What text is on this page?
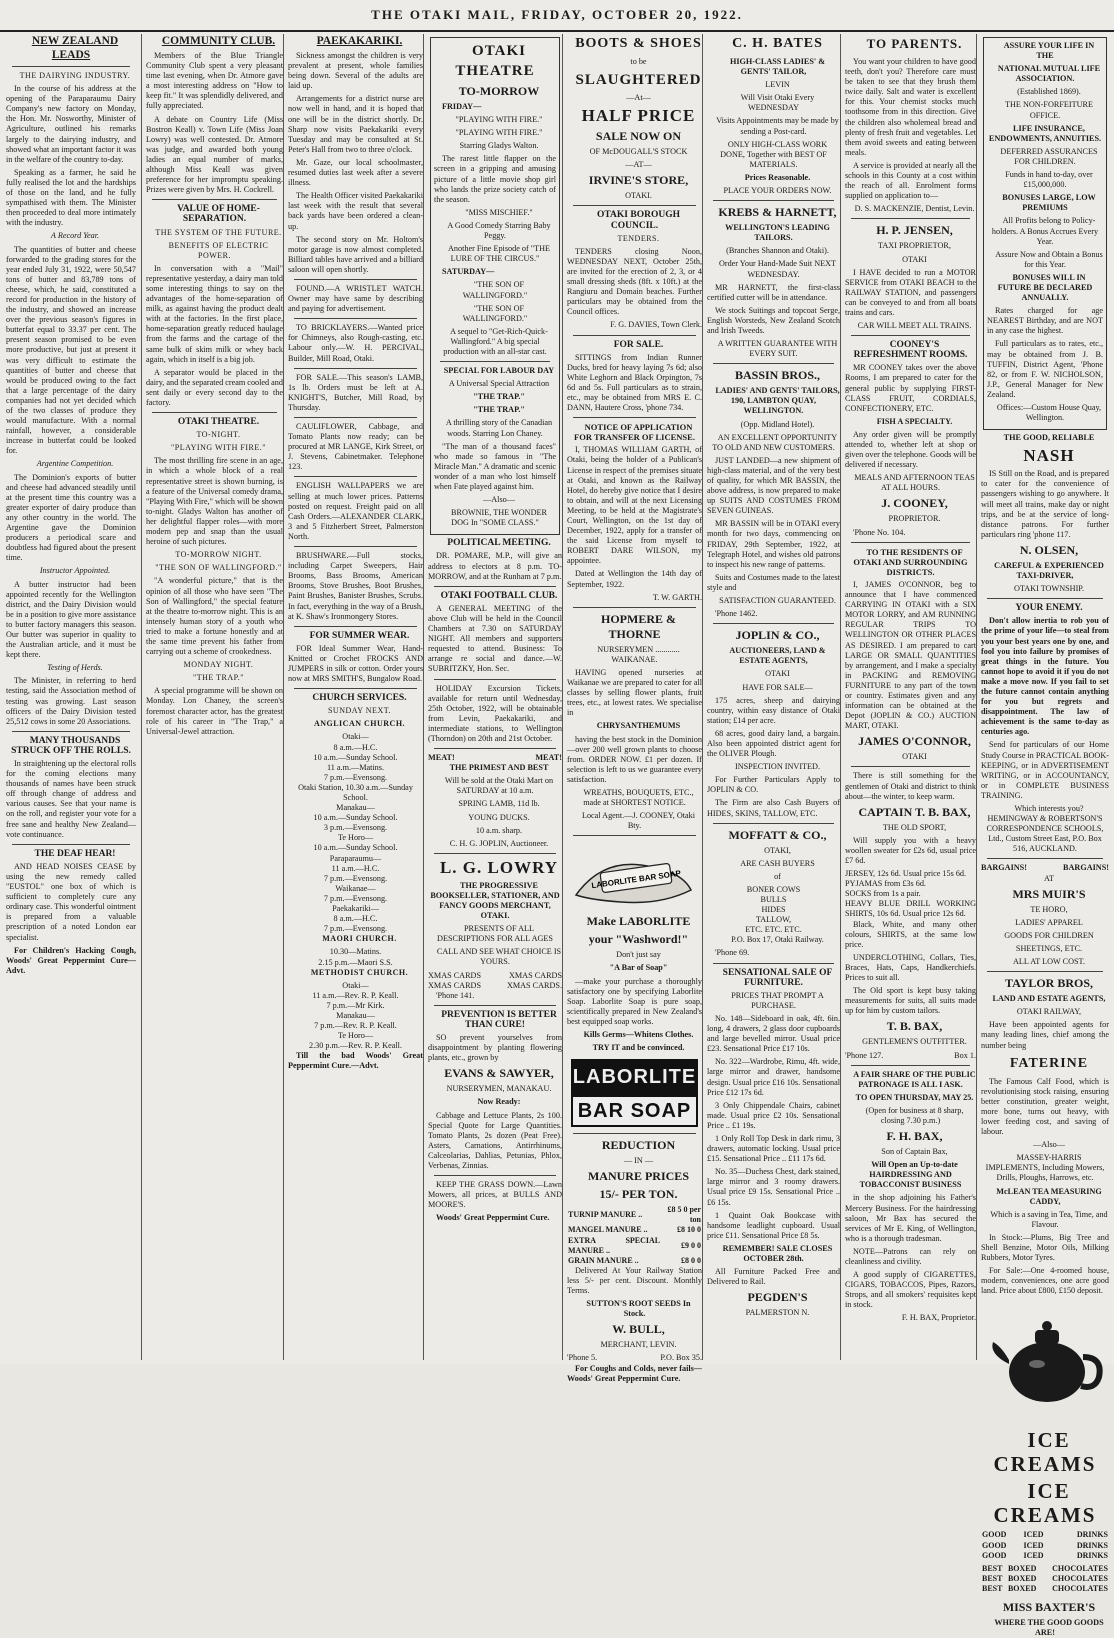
THE OTAKI MAIL, FRIDAY, OCTOBER 20, 1922.

NEW ZEALAND LEADS

THE DAIRYING INDUSTRY.

In the course of his address at the opening of the Paraparaumu Dairy Company's new factory on Monday, the Hon. Mr. Nosworthy, Minister of Agriculture, outlined his remarks largely to the dairying industry, and showed what an important factor it was in the welfare of the country to-day.

Speaking as a farmer, he said he fully realised the lot and the hardships of those on the land, and he fully sympathised with them. The Minister then proceeded to deal more intimately with the industry.

A Record Year.

The quantities of butter and cheese forwarded to the grading stores for the year ended July 31, 1922, were 50,547 tons of butter and 83,789 tons of cheese, which, he said, constituted a record for production in the history of the industry, and showed an increase over the previous season's figures in butterfat equal to 33.37 per cent. The present season promised to be even more productive, but just at present it was very difficult to estimate the quantities of butter and cheese that would be produced owing to the fact that a large percentage of the dairy companies had not yet decided which of the two classes of produce they would manufacture. With a normal rainfall, however, a considerable increase in butterfat could be looked for.

Argentine Competition.

The Dominion's exports of butter and cheese had advanced steadily until at the present time this country was a greater exporter of dairy produce than any other country in the world. The Argentine gave the Dominion producers a periodical scare and doubtless had figured about the present time.

Instructor Appointed.

A butter instructor had been appointed recently for the Wellington district, and the Dairy Division would be in a position to give more assistance to butter factory managers this season. Our butter was superior in quality to the Australian article, and it must be kept there.

Testing of Herds.

The Minister, in referring to herd testing, said the Association method of testing was growing. Last season officers of the Dairy Division tested 25,512 cows in some 20 Associations.

MANY THOUSANDS STRUCK OFF THE ROLLS.

In straightening up the electoral rolls for the coming elections many thousands of names have been struck off through change of address and various causes. See that your name is on the roll, and register your vote for a free sane and healthy New Zealand—vote continuance.

THE DEAF HEAR!

AND HEAD NOISES CEASE by using the new remedy called "EUSTOL" one box of which is sufficient to completely cure any ordinary case. This wonderful ointment is prepared from a valuable prescription of a noted London ear specialist.

For Children's Hacking Cough, Woods' Great Peppermint Cure—Advt.

COMMUNITY CLUB.

Members of the Blue Triangle Community Club spent a very pleasant time last evening, when Dr. Atmore gave a most interesting address on "How to keep fit." It was splendidly delivered, and fully appreciated.

A debate on Country Life (Miss Bostron Keall) v. Town Life (Miss Joan Lowry) was well contested. Dr. Atmore was judge, and awarded both young ladies an equal number of marks, although Miss Keall was given preference for her impromptu speaking. Prizes were given by Mrs. H. Cockrell.

VALUE OF HOME-SEPARATION.

THE SYSTEM OF THE FUTURE.

BENEFITS OF ELECTRIC POWER.

In conversation with a "Mail" representative yesterday, a dairy man told some interesting things to say on the advantages of the home-separation of milk, as against having the product dealt with at the factories. In the first place, home-separation greatly reduced haulage from the farms and the cartage of the same bulk of skim milk or whey back again, which in itself is a big job.

A separator would be placed in the dairy, and the separated cream cooled and sent daily or every second day to the factory.

OTAKI THEATRE.

TO-NIGHT.

"PLAYING WITH FIRE."

The most thrilling fire scene in an age, in which a whole block of a real representative street is shown burning, is a feature of the Universal comedy drama, "Playing With Fire," which will be shown to-night. Gladys Walton has another of her delightful flapper roles—with more modern pep and snap than the usual heroine of such pictures.

TO-MORROW NIGHT.

"THE SON OF WALLINGFORD."

"A wonderful picture," that is the opinion of all those who have seen "The Son of Wallingford," the special feature at the theatre to-morrow night. This is an intensely human story of a youth who tried to make a fortune honestly and at the same time prevent his father from carrying out a scheme of crookedness.

MONDAY NIGHT.

"THE TRAP."

A special programme will be shown on Monday. Lon Chaney, the screen's foremost character actor, has the greatest role of his career in "The Trap," a Universal-Jewel attraction.

PAEKAKARIKI.

Sickness amongst the children is very prevalent at present, whole families being down. Several of the adults are laid up.

Arrangements for a district nurse are now well in hand, and it is hoped that one will be in the district shortly. Dr. Sharp now visits Paekakariki every Tuesday and may be consulted at St. Peter's Hall from two to three o'clock.

Mr. Gaze, our local schoolmaster, resumed duties last week after a severe illness.

The Health Officer visited Paekakariki last week with the result that several back yards have been ordered a clean-up.

The second story on Mr. Holtom's motor garage is now almost completed. Billiard tables have arrived and a billiard saloon will open shortly.

FOUND.—A WRISTLET WATCH. Owner may have same by describing and paying for advertisement.

TO BRICKLAYERS.—Wanted price for Chimneys, also Rough-casting, etc. Labour only.—W. H. PERCIVAL, Builder, Mill Road, Otaki.

FOR SALE.—This season's LAMB, 1s lb. Orders must be left at A. KNIGHT'S, Butcher, Mill Road, by Thursday.

CAULIFLOWER, Cabbage, and Tomato Plants now ready; can be procured at MR LANGE, Kirk Street, or J. Stevens, Cabinetmaker. Telephone 123.

ENGLISH WALLPAPERS we are selling at much lower prices. Patterns posted on request. Freight paid on all Cash Orders.—ALEXANDER CLARK, 3 and 5 Fitzherbert Street, Palmerston North.

BRUSHWARE.—Full stocks, including Carpet Sweepers, Hair Brooms, Bass Brooms, American Brooms, Stove Brushes, Boot Brushes, Paint Brushes, Banister Brushes, Scrubs. In fact, everything in the way of a Brush, at K. Shaw's Ironmongery Stores.

FOR SUMMER WEAR.

FOR Ideal Summer Wear, Hand-Knitted or Crochet FROCKS AND JUMPERS in silk or cotton. Order yours now at MRS SMITH'S, Bungalow Road.

CHURCH SERVICES.

SUNDAY NEXT.

ANGLICAN CHURCH.

Otaki—
8 a.m.—H.C.
10 a.m.—Sunday School.
11 a.m.—Matins.
7 p.m.—Evensong.
Otaki Station, 10.30 a.m.—Sunday School.
Manakau—
10 a.m.—Sunday School.
3 p.m.—Evensong.
Te Horo—
10 a.m.—Sunday School.
Paraparaumu—
11 a.m.—H.C.
7 p.m.—Evensong.
Waikanae—
7 p.m.—Evensong.
Paekakariki—
8 a.m.—H.C.
7 p.m.—Evensong.

MAORI CHURCH.

10.30—Matins.
2.15 p.m.—Maori S.S.

METHODIST CHURCH.

Otaki—
11 a.m.—Rev. R. P. Keall.
7 p.m.—Mr Kirk.
Manakau—
7 p.m.—Rev. R. P. Keall.
Te Horo—
2.30 p.m.—Rev. R. P. Keall.

Till the bad Woods' Great Peppermint Cure.—Advt.

OTAKI THEATRE

TO-MORROW

FRIDAY—

"PLAYING WITH FIRE."

"PLAYING WITH FIRE."

Starring Gladys Walton.

The rarest little flapper on the screen in a gripping and amusing picture of a little movie shop girl who lands the prize society catch of the season.

"MISS MISCHIEF."

A Good Comedy Starring Baby Peggy.

Another Fine Episode of "THE LURE OF THE CIRCUS."

SATURDAY—

"THE SON OF WALLINGFORD."

"THE SON OF WALLINGFORD."

A sequel to "Get-Rich-Quick-Wallingford." A big special production with an all-star cast.

SPECIAL FOR LABOUR DAY

A Universal Special Attraction

"THE TRAP."

"THE TRAP."

A thrilling story of the Canadian woods. Starring Lon Chaney.

"The man of a thousand faces" who made so famous in "The Miracle Man." A dramatic and scenic wonder of a man who lost himself when Fate played against him.

—Also—

BROWNIE, THE WONDER DOG In "SOME CLASS."

POLITICAL MEETING.

DR. POMARE, M.P., will give an address to electors at 8 p.m. TO-MORROW, and at the Runham at 7 p.m.

OTAKI FOOTBALL CLUB.

A GENERAL MEETING of the above Club will be held in the Council Chambers at 7.30 on SATURDAY NIGHT. All members and supporters requested to attend. Business: To arrange re social and dance.—W. SUBRITZKY, Hon. Sec.

HOLIDAY Excursion Tickets, available for return until Wednesday, 25th October, 1922, will be obtainable from Levin, Paekakariki, and intermediate stations, to Wellington (Thorndon) on 20th and 21st October.

MEAT!	MEAT!

THE PRIMEST AND BEST

Will be sold at the Otaki Mart on SATURDAY at 10 a.m.

SPRING LAMB, 11d lb.

YOUNG DUCKS.

10 a.m. sharp.

C. H. G. JOPLIN, Auctioneer.

L. G. LOWRY

THE PROGRESSIVE BOOKSELLER, STATIONER, AND FANCY GOODS MERCHANT, OTAKI.

PRESENTS OF ALL DESCRIPTIONS FOR ALL AGES

CALL AND SEE WHAT CHOICE IS YOURS.

XMAS CARDS	XMAS CARDS
XMAS CARDS	XMAS CARDS.

'Phone 141.

PREVENTION IS BETTER THAN CURE!

SO prevent yourselves from disappointment by planting flowering plants, etc., grown by

EVANS & SAWYER,

NURSERYMEN, MANAKAU.

Now Ready:

Cabbage and Lettuce Plants, 2s 100. Special Quote for Large Quantities. Tomato Plants, 2s dozen (Peat Free). Asters, Carnations, Antirrhinums, Calceolarias, Dahlias, Petunias, Phlox, Verbenas, Zinnias.

KEEP THE GRASS DOWN.—Lawn Mowers, all prices, at BULLS AND MOORE'S.

Woods' Great Peppermint Cure.

BOOTS & SHOES

to be

SLAUGHTERED

—At—

HALF PRICE

SALE NOW ON

OF McDOUGALL'S STOCK

—AT—

IRVINE'S STORE,

OTAKI.

OTAKI BOROUGH COUNCIL.

TENDERS.

TENDERS closing Noon, WEDNESDAY NEXT, October 25th, are invited for the erection of 2, 3, or 4 small dressing sheds (8ft. x 10ft.) at the Rangiuru and Domain beaches. Further particulars may be obtained from the Council offices.

F. G. DAVIES, Town Clerk.

FOR SALE.

SITTINGS from Indian Runner Ducks, bred for heavy laying 7s 6d; also White Leghorn and Black Orpington, 7s 6d and 5s. Full particulars as to strain, etc., may be obtained from MRS E. C. DANN, Hautere Cross, 'phone 734.

NOTICE OF APPLICATION FOR TRANSFER OF LICENSE.

I, THOMAS WILLIAM GARTH, of Otaki, being the holder of a Publican's License in respect of the premises situate at Otaki, and known as the Railway Hotel, do hereby give notice that I desire to obtain, and will at the next Licensing Meeting, to be held at the Magistrate's Court, Wellington, on the 1st day of December, 1922, apply for a transfer of the said License from myself to ROBERT DARE WILSON, my appointee.

Dated at Wellington the 14th day of September, 1922.

T. W. GARTH.

HOPMERE & THORNE

NURSERYMEN ............ WAIKANAE.

HAVING opened nurseries at Waikanae we are prepared to cater for all classes by selling flower plants, fruit trees, etc., at lowest rates. We specialise in

CHRYSANTHEMUMS

having the best stock in the Dominion—over 200 well grown plants to choose from. ORDER NOW. £1 per dozen. If selection is left to us we guarantee every satisfaction.

WREATHS, BOUQUETS, ETC., made at SHORTEST NOTICE.

Local Agent.—J. COONEY, Otaki Bty.

LABORLITE BAR SOAP

Make LABORLITE

your "Washword!"

Don't just say

"A Bar of Soap"

—make your purchase a thoroughly satisfactory one by specifying Laborlite Soap. Laborlite Soap is pure soap, scientifically prepared in New Zealand's best equipped soap works.

Kills Germs—Whitens Clothes.

TRY IT and be convinced.

LABORLITE
BAR SOAP

REDUCTION

— IN —

MANURE PRICES

15/- PER TON.

TURNIP MANURE ..	£8 5 0 per ton
MANGEL MANURE ..	£8 10 0
EXTRA SPECIAL MANURE ..	£9 0 0
GRAIN MANURE ..	£8 0 0

Delivered At Your Railway Station less 5/- per cent. Discount. Monthly Terms.

SUTTON'S ROOT SEEDS In Stock.

W. BULL,

MERCHANT, LEVIN.

'Phone 5.	P.O. Box 35.

For Coughs and Colds, never fails—Woods' Great Peppermint Cure.

C. H. BATES

HIGH-CLASS LADIES' & GENTS' TAILOR,

LEVIN

Will Visit Otaki Every WEDNESDAY

Visits Appointments may be made by sending a Post-card.

ONLY HIGH-CLASS WORK DONE, Together with BEST OF MATERIALS.

Prices Reasonable.

PLACE YOUR ORDERS NOW.

KREBS & HARNETT,

WELLINGTON'S LEADING TAILORS.

(Branches Shannon and Otaki).

Order Your Hand-Made Suit NEXT WEDNESDAY.

MR HARNETT, the first-class certified cutter will be in attendance.

We stock Suitings and topcoat Serge, English Worsteds, New Zealand Scotch and Irish Tweeds.

A WRITTEN GUARANTEE WITH EVERY SUIT.

BASSIN BROS.,

LADIES' AND GENTS' TAILORS, 190, LAMBTON QUAY, WELLINGTON.

(Opp. Midland Hotel).

AN EXCELLENT OPPORTUNITY TO OLD AND NEW CUSTOMERS.

JUST LANDED—a new shipment of high-class material, and of the very best of quality, for which MR BASSIN, the above address, is now prepared to make up SUITS AND COSTUMES FROM SEVEN GUINEAS.

MR BASSIN will be in OTAKI every month for two days, commencing on FRIDAY, 29th September, 1922, at Telegraph Hotel, and wishes old patrons to inspect his new range of patterns.

Suits and Costumes made to the latest style and

SATISFACTION GUARANTEED.

'Phone 1462.

JOPLIN & CO.,

AUCTIONEERS, LAND & ESTATE AGENTS,

OTAKI

HAVE FOR SALE—

175 acres, sheep and dairying country, within easy distance of Otaki station; £14 per acre.

68 acres, good dairy land, a bargain. Also been appointed district agent for the OLIVER Plough.

INSPECTION INVITED.

For Further Particulars Apply to JOPLIN & CO.

The Firm are also Cash Buyers of HIDES, SKINS, TALLOW, ETC.

MOFFATT & CO.,

OTAKI,

ARE CASH BUYERS

of

BONER COWS
BULLS
HIDES
TALLOW,
ETC. ETC. ETC.

P.O. Box 17, Otaki Railway.

'Phone 69.

SENSATIONAL SALE OF FURNITURE.

PRICES THAT PROMPT A PURCHASE.

No. 148—Sideboard in oak, 4ft. 6in. long, 4 drawers, 2 glass door cupboards and large bevelled mirror. Usual price £23. Sensational Price £17 10s.

No. 322—Wardrobe, Rimu, 4ft. wide, large mirror and drawer, handsome design. Usual price £16 10s. Sensational Price £12 17s 6d.

3 Only Chippendale Chairs, cabinet made. Usual price £2 10s. Sensational Price .. £1 19s.

1 Only Roll Top Desk in dark rimu, 3 drawers, automatic locking. Usual price £15. Sensational Price .. £11 17s 6d.

No. 35—Duchess Chest, dark stained, large mirror and 3 roomy drawers. Usual price £9 15s. Sensational Price .. £6 15s.

1 Quaint Oak Bookcase with handsome leadlight cupboard. Usual price £11. Sensational Price £8 5s.

REMEMBER! SALE CLOSES OCTOBER 28th.

All Furniture Packed Free and Delivered to Rail.

PEGDEN'S

PALMERSTON N.

TO PARENTS.

You want your children to have good teeth, don't you? Therefore care must be taken to see that they brush them twice daily. Salt and water is excellent for this. Your chemist stocks much toothsome from in this direction. Give the children also wholemeal bread and plenty of fresh fruit and vegetables. Let them avoid sweets and eating between meals.

A service is provided at nearly all the schools in this County at a cost within the reach of all. Enrolment forms supplied on application to—

D. S. MACKENZIE, Dentist, Levin.

H. P. JENSEN,

TAXI PROPRIETOR,

OTAKI

I HAVE decided to run a MOTOR SERVICE from OTAKI BEACH to the RAILWAY STATION, and passengers can be conveyed to and from all boats trains and cars.

CAR WILL MEET ALL TRAINS.

COONEY'S REFRESHMENT ROOMS.

MR COONEY takes over the above Rooms, I am prepared to cater for the general public by supplying FIRST-CLASS FRUIT, CORDIALS, CONFECTIONERY, ETC.

FISH A SPECIALTY.

Any order given will be promptly attended to, whether left at shop or given over the telephone. Goods will be delivered if necessary.

MEALS AND AFTERNOON TEAS AT ALL HOURS.

J. COONEY,

PROPRIETOR.

'Phone No. 104.

TO THE RESIDENTS OF OTAKI AND SURROUNDING DISTRICTS.

I, JAMES O'CONNOR, beg to announce that I have commenced CARRYING IN OTAKI with a SIX MOTOR LORRY, and AM RUNNING REGULAR TRIPS TO WELLINGTON OR OTHER PLACES AS DESIRED. I am prepared to cart LARGE OR SMALL QUANTITIES by arrangement, and I make a specialty in PACKING and REMOVING FURNITURE to any part of the town or country. Estimates given and any information can be obtained at the Depot (JOPLIN & CO.) AUCTION MART, OTAKI.

JAMES O'CONNOR,

OTAKI

There is still something for the gentlemen of Otaki and district to think about—the winter, to keep warm.

CAPTAIN T. B. BAX,

THE OLD SPORT,

Will supply you with a heavy woollen sweater for £2s 6d, usual price £7 6d.

JERSEY, 12s 6d. Usual price 15s 6d.
PYJAMAS from £3s 6d.
SOCKS from 1s a pair.
HEAVY BLUE DRILL WORKING SHIRTS, 10s 6d. Usual price 12s 6d.

Black, White, and many other colours, SHIRTS, at the same low price.

UNDERCLOTHING, Collars, Ties, Braces, Hats, Caps, Handkerchiefs. Prices to suit all.

The Old sport is kept busy taking measurements for suits, all suits made up for him by custom tailors.

T. B. BAX,

GENTLEMEN'S OUTFITTER.

'Phone 127.	Box 1.

A FAIR SHARE OF THE PUBLIC PATRONAGE IS ALL I ASK.

TO OPEN THURSDAY, MAY 25.

(Open for business at 8 sharp, closing 7.30 p.m.)

F. H. BAX,

Son of Captain Bax,

Will Open an Up-to-date HAIRDRESSING AND TOBACCONIST BUSINESS

in the shop adjoining his Father's Mercery Business. For the hairdressing saloon, Mr Bax has secured the services of Mr E. King, of Wellington, who is a thorough tradesman.

NOTE—Patrons can rely on cleanliness and civility.

A good supply of CIGARETTES, CIGARS, TOBACCOS, Pipes, Razors, Strops, and all smokers' requisites kept in stock.

F. H. BAX, Proprietor.

ASSURE YOUR LIFE IN THE

NATIONAL MUTUAL LIFE ASSOCIATION.

(Established 1869).

THE NON-FORFEITURE OFFICE.

LIFE INSURANCE, ENDOWMENTS, ANNUITIES.

DEFERRED ASSURANCES FOR CHILDREN.

Funds in hand to-day, over £15,000,000.

BONUSES LARGE, LOW PREMIUMS

All Profits belong to Policy-holders. A Bonus Accrues Every Year.

Assure Now and Obtain a Bonus for this Year.

BONUSES WILL IN FUTURE BE DECLARED ANNUALLY.

Rates charged for age NEAREST Birthday, and are NOT in any case the highest.

Full particulars as to rates, etc., may be obtained from J. B. TUFFIN, District Agent, 'Phone 82, or from F. W. NICHOLSON, J.P., General Manager for New Zealand.

Offices:—Custom House Quay, Wellington.

THE GOOD, RELIABLE

NASH

IS Still on the Road, and is prepared to cater for the convenience of passengers wishing to go anywhere. It will meet all trains, make day or night trips, and be at the service of long-distance patrons. For further particulars ring 'phone 117.

N. OLSEN,

CAREFUL & EXPERIENCED TAXI-DRIVER,

OTAKI TOWNSHIP.

YOUR ENEMY.

Don't allow inertia to rob you of the prime of your life—to steal from you your best years one by one, and fool you into failure by promises of great things in the future. You cannot hope to avoid it if you do not make a move now. If you fail to set the future cannot contain anything for you but regrets and disappointment. The law of achievement is the same to-day as centuries ago.

Send for particulars of our Home Study Course in PRACTICAL BOOK-KEEPING, or in ADVERTISEMENT WRITING, or in ACCOUNTANCY, or in COMPLETE BUSINESS TRAINING.

Which interests you? HEMINGWAY & ROBERTSON'S CORRESPONDENCE SCHOOLS, Ltd., Custom Street East, P.O. Box 516, AUCKLAND.

BARGAINS!	BARGAINS!

AT

MRS MUIR'S

TE HORO,

LADIES' APPAREL

GOODS FOR CHILDREN

SHEETINGS, ETC.

ALL AT LOW COST.

TAYLOR BROS,

LAND AND ESTATE AGENTS,

OTAKI RAILWAY,

Have been appointed agents for many leading lines, chief among the number being

FATERINE

The Famous Calf Food, which is revolutionising stock raising, ensuring better constitution, greater weight, more bone, turns out heavy, with lower feeding cost, and saving of labour.

—Also—

MASSEY-HARRIS IMPLEMENTS, Including Mowers, Drills, Ploughs, Harrows, etc.

McLEAN TEA MEASURING CADDY,

Which is a saving in Tea, Time, and Flavour.

In Stock:—Plums, Big Tree and Shell Benzine, Motor Oils, Milking Rubbers, Motor Tyres.

For Sale:—One 4-roomed house, modern, conveniences, one acre good land. Price about £800, £150 deposit.

ICE CREAMS

ICE CREAMS

GOOD	ICED	DRINKS
GOOD	ICED	DRINKS
GOOD	ICED	DRINKS
BEST	BOXED	CHOCOLATES
BEST	BOXED	CHOCOLATES
BEST	BOXED	CHOCOLATES

MISS BAXTER'S

WHERE THE GOOD GOODS ARE!
